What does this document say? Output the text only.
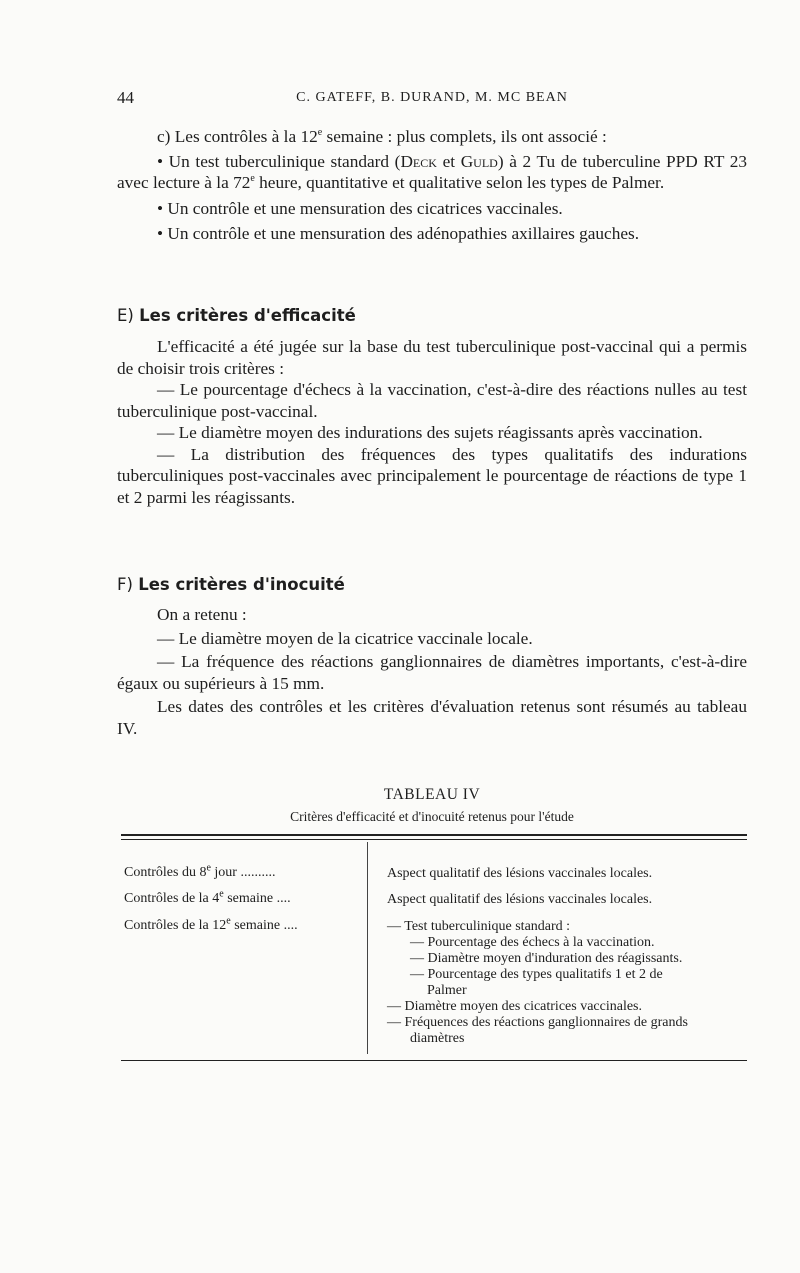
44	C. GATEFF, B. DURAND, M. MC BEAN

c) Les contrôles à la 12e semaine : plus complets, ils ont associé :

• Un test tuberculinique standard (Deck et Guld) à 2 Tu de tuberculine PPD RT 23 avec lecture à la 72e heure, quantitative et qualitative selon les types de Palmer.

• Un contrôle et une mensuration des cicatrices vaccinales.

• Un contrôle et une mensuration des adénopathies axillaires gauches.

E) Les critères d'efficacité

L'efficacité a été jugée sur la base du test tuberculinique post-vaccinal qui a permis de choisir trois critères :

— Le pourcentage d'échecs à la vaccination, c'est-à-dire des réactions nulles au test tuberculinique post-vaccinal.

— Le diamètre moyen des indurations des sujets réagissants après vaccination.

— La distribution des fréquences des types qualitatifs des indurations tuberculiniques post-vaccinales avec principalement le pourcentage de réactions de type 1 et 2 parmi les réagissants.

F) Les critères d'inocuité

On a retenu :

— Le diamètre moyen de la cicatrice vaccinale locale.

— La fréquence des réactions ganglionnaires de diamètres importants, c'est-à-dire égaux ou supérieurs à 15 mm.

Les dates des contrôles et les critères d'évaluation retenus sont résumés au tableau IV.

TABLEAU IV
Critères d'efficacité et d'inocuité retenus pour l'étude
Contrôles du 8e jour ..........	Aspect qualitatif des lésions vaccinales locales.
Contrôles de la 4e semaine ....	Aspect qualitatif des lésions vaccinales locales.
Contrôles de la 12e semaine ....	— Test tuberculinique standard :
— Pourcentage des échecs à la vaccination.
— Diamètre moyen d'induration des réagissants.
— Pourcentage des types qualitatifs 1 et 2 de
Palmer
— Diamètre moyen des cicatrices vaccinales.
— Fréquences des réactions ganglionnaires de grands
diamètres
